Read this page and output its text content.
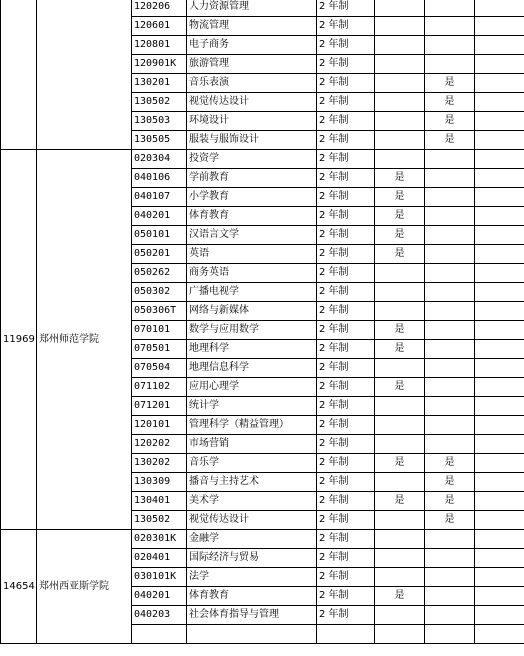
		120206	人力资源管理	2 年制			
		120601	物流管理	2 年制			
		120801	电子商务	2 年制			
		120901K	旅游管理	2 年制			
		130201	音乐表演	2 年制		是	
		130502	视觉传达设计	2 年制		是	
		130503	环境设计	2 年制		是	
		130505	服装与服饰设计	2 年制		是	
11969	郑州师范学院	020304	投资学	2 年制			
		040106	学前教育	2 年制	是		
		040107	小学教育	2 年制	是		
		040201	体育教育	2 年制	是		
		050101	汉语言文学	2 年制	是		
		050201	英语	2 年制	是		
		050262	商务英语	2 年制			
		050302	广播电视学	2 年制			
		050306T	网络与新媒体	2 年制			
		070101	数学与应用数学	2 年制	是		
		070501	地理科学	2 年制	是		
		070504	地理信息科学	2 年制			
		071102	应用心理学	2 年制	是		
		071201	统计学	2 年制			
		120101	管理科学（精益管理）	2 年制			
		120202	市场营销	2 年制			
		130202	音乐学	2 年制	是	是	
		130309	播音与主持艺术	2 年制		是	
		130401	美术学	2 年制	是	是	
		130502	视觉传达设计	2 年制		是	
14654	郑州西亚斯学院	020301K	金融学	2 年制			
		020401	国际经济与贸易	2 年制			
		030101K	法学	2 年制			
		040201	体育教育	2 年制	是		
		040203	社会体育指导与管理	2 年制			
